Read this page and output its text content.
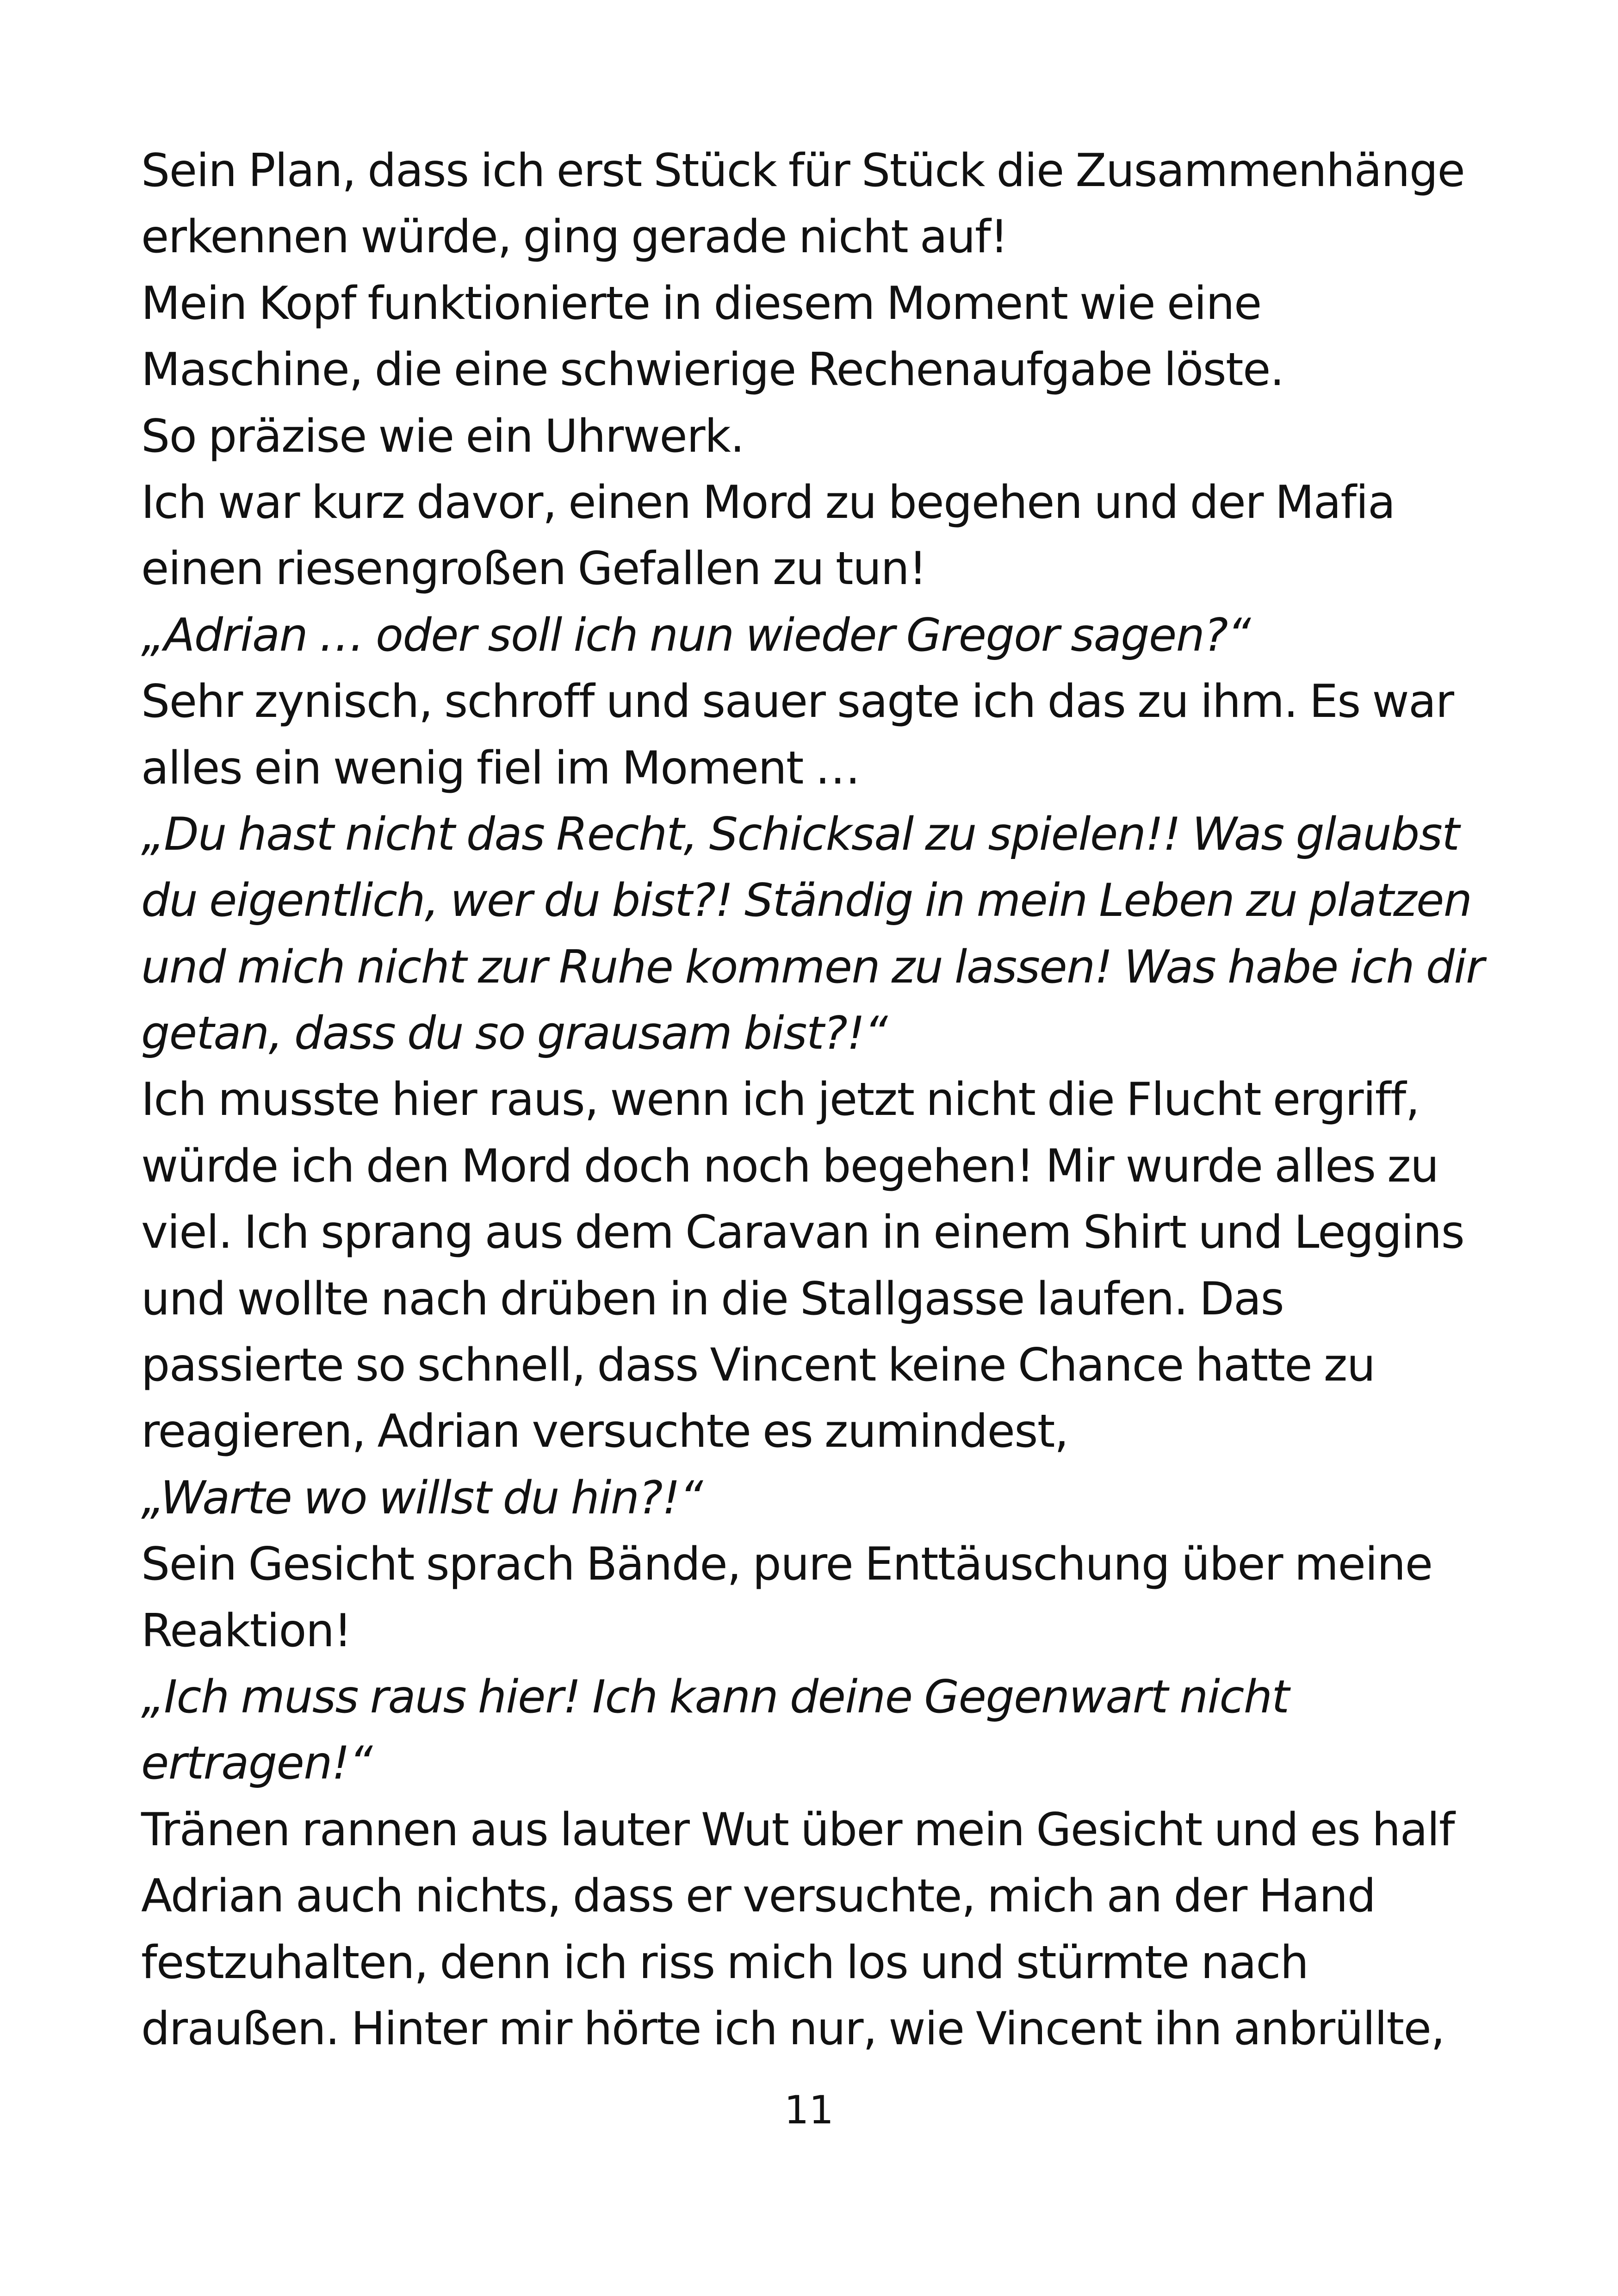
Sein Plan, dass ich erst Stück für Stück die Zusammenhänge
erkennen würde, ging gerade nicht auf!
Mein Kopf funktionierte in diesem Moment wie eine
Maschine, die eine schwierige Rechenaufgabe löste.
So präzise wie ein Uhrwerk.
Ich war kurz davor, einen Mord zu begehen und der Mafia
einen riesengroßen Gefallen zu tun!
„Adrian … oder soll ich nun wieder Gregor sagen?“
Sehr zynisch, schroff und sauer sagte ich das zu ihm. Es war
alles ein wenig fiel im Moment …
„Du hast nicht das Recht, Schicksal zu spielen!! Was glaubst
du eigentlich, wer du bist?! Ständig in mein Leben zu platzen
und mich nicht zur Ruhe kommen zu lassen! Was habe ich dir
getan, dass du so grausam bist?!“
Ich musste hier raus, wenn ich jetzt nicht die Flucht ergriff,
würde ich den Mord doch noch begehen! Mir wurde alles zu
viel. Ich sprang aus dem Caravan in einem Shirt und Leggins
und wollte nach drüben in die Stallgasse laufen. Das
passierte so schnell, dass Vincent keine Chance hatte zu
reagieren, Adrian versuchte es zumindest,
„Warte wo willst du hin?!“
Sein Gesicht sprach Bände, pure Enttäuschung über meine
Reaktion!
„Ich muss raus hier! Ich kann deine Gegenwart nicht
ertragen!“
Tränen rannen aus lauter Wut über mein Gesicht und es half
Adrian auch nichts, dass er versuchte, mich an der Hand
festzuhalten, denn ich riss mich los und stürmte nach
draußen. Hinter mir hörte ich nur, wie Vincent ihn anbrüllte,
11
